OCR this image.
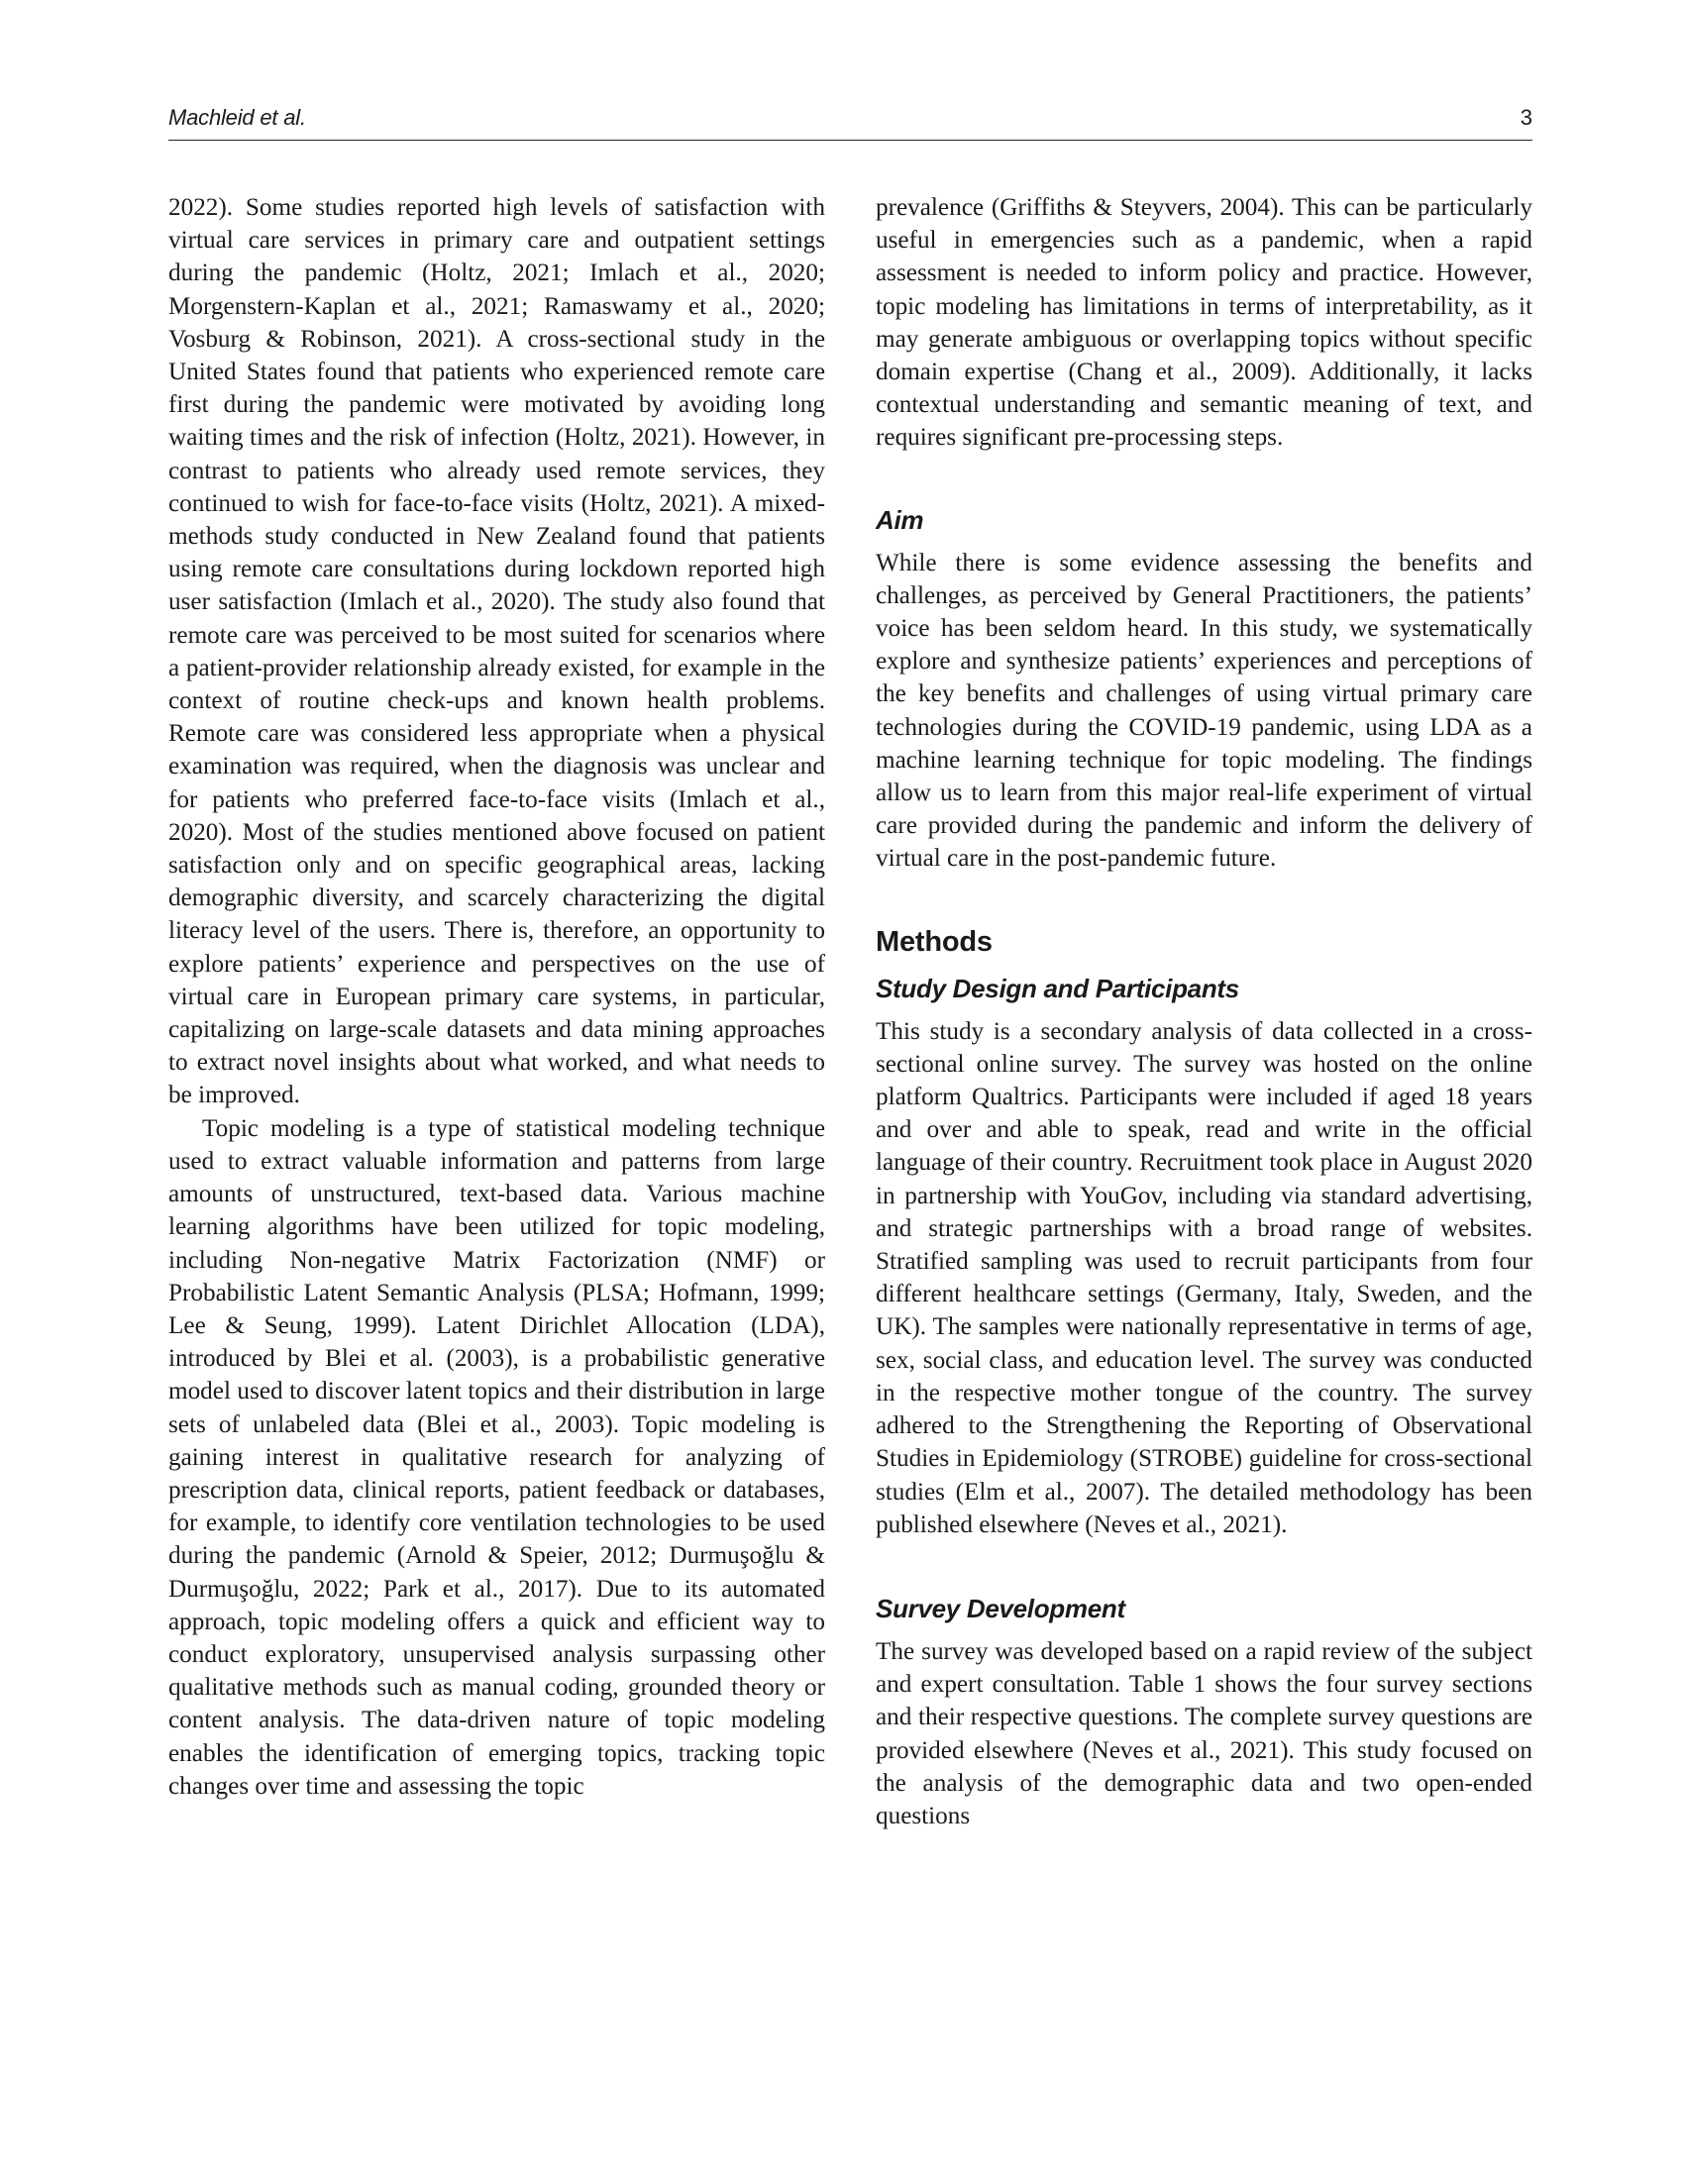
Machleid et al.	3

2022). Some studies reported high levels of satisfaction with virtual care services in primary care and outpatient settings during the pandemic (Holtz, 2021; Imlach et al., 2020; Morgenstern-Kaplan et al., 2021; Ramaswamy et al., 2020; Vosburg & Robinson, 2021). A cross-sectional study in the United States found that patients who experienced remote care first during the pandemic were motivated by avoiding long waiting times and the risk of infection (Holtz, 2021). However, in contrast to patients who already used remote services, they continued to wish for face-to-face visits (Holtz, 2021). A mixed-methods study conducted in New Zealand found that patients using remote care consultations during lockdown reported high user satisfaction (Imlach et al., 2020). The study also found that remote care was perceived to be most suited for scenarios where a patient-provider relationship already existed, for example in the context of routine check-ups and known health problems. Remote care was considered less appropriate when a physical examination was required, when the diagnosis was unclear and for patients who preferred face-to-face visits (Imlach et al., 2020). Most of the studies mentioned above focused on patient satisfaction only and on specific geographical areas, lacking demographic diversity, and scarcely characterizing the digital literacy level of the users. There is, therefore, an opportunity to explore patients’ experience and perspectives on the use of virtual care in European primary care systems, in particular, capitalizing on large-scale datasets and data mining approaches to extract novel insights about what worked, and what needs to be improved.

Topic modeling is a type of statistical modeling technique used to extract valuable information and patterns from large amounts of unstructured, text-based data. Various machine learning algorithms have been utilized for topic modeling, including Non-negative Matrix Factorization (NMF) or Probabilistic Latent Semantic Analysis (PLSA; Hofmann, 1999; Lee & Seung, 1999). Latent Dirichlet Allocation (LDA), introduced by Blei et al. (2003), is a probabilistic generative model used to discover latent topics and their distribution in large sets of unlabeled data (Blei et al., 2003). Topic modeling is gaining interest in qualitative research for analyzing of prescription data, clinical reports, patient feedback or databases, for example, to identify core ventilation technologies to be used during the pandemic (Arnold & Speier, 2012; Durmuşoğlu & Durmuşoğlu, 2022; Park et al., 2017). Due to its automated approach, topic modeling offers a quick and efficient way to conduct exploratory, unsupervised analysis surpassing other qualitative methods such as manual coding, grounded theory or content analysis. The data-driven nature of topic modeling enables the identification of emerging topics, tracking topic changes over time and assessing the topic

prevalence (Griffiths & Steyvers, 2004). This can be particularly useful in emergencies such as a pandemic, when a rapid assessment is needed to inform policy and practice. However, topic modeling has limitations in terms of interpretability, as it may generate ambiguous or overlapping topics without specific domain expertise (Chang et al., 2009). Additionally, it lacks contextual understanding and semantic meaning of text, and requires significant pre-processing steps.

Aim

While there is some evidence assessing the benefits and challenges, as perceived by General Practitioners, the patients’ voice has been seldom heard. In this study, we systematically explore and synthesize patients’ experiences and perceptions of the key benefits and challenges of using virtual primary care technologies during the COVID-19 pandemic, using LDA as a machine learning technique for topic modeling. The findings allow us to learn from this major real-life experiment of virtual care provided during the pandemic and inform the delivery of virtual care in the post-pandemic future.

Methods
Study Design and Participants

This study is a secondary analysis of data collected in a cross-sectional online survey. The survey was hosted on the online platform Qualtrics. Participants were included if aged 18 years and over and able to speak, read and write in the official language of their country. Recruitment took place in August 2020 in partnership with YouGov, including via standard advertising, and strategic partnerships with a broad range of websites. Stratified sampling was used to recruit participants from four different healthcare settings (Germany, Italy, Sweden, and the UK). The samples were nationally representative in terms of age, sex, social class, and education level. The survey was conducted in the respective mother tongue of the country. The survey adhered to the Strengthening the Reporting of Observational Studies in Epidemiology (STROBE) guideline for cross-sectional studies (Elm et al., 2007). The detailed methodology has been published elsewhere (Neves et al., 2021).

Survey Development

The survey was developed based on a rapid review of the subject and expert consultation. Table 1 shows the four survey sections and their respective questions. The complete survey questions are provided elsewhere (Neves et al., 2021). This study focused on the analysis of the demographic data and two open-ended questions
